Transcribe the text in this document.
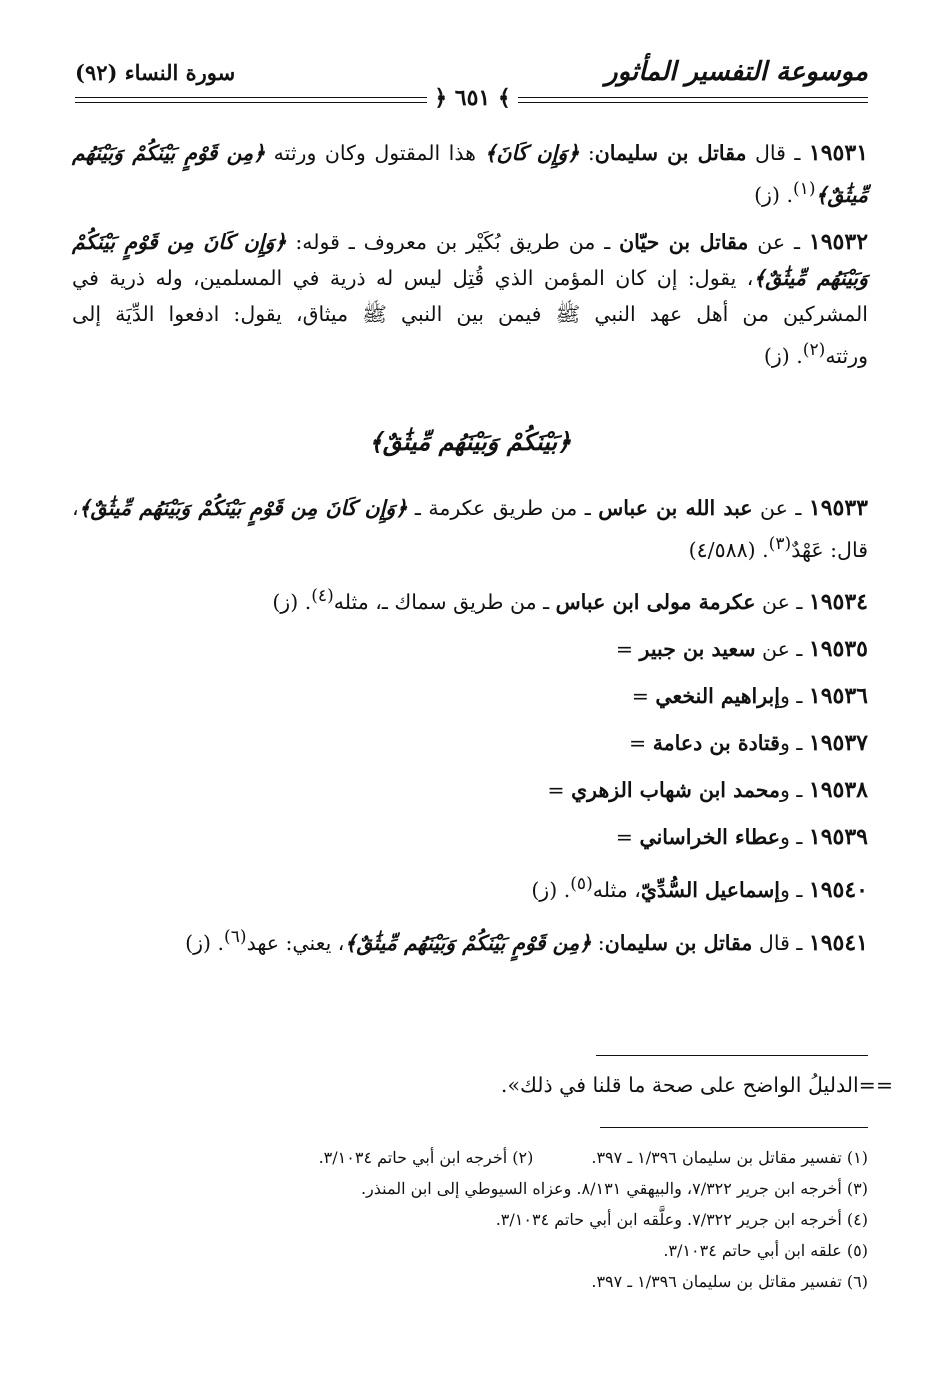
موسوعة التفسير المأثور
سورة النساء (٩٢)
﴾ ٦٥١ ﴿

١٩٥٣١ ـ قال مقاتل بن سليمان: ﴿وَإِن كَانَ﴾ هذا المقتول وكان ورثته ﴿مِن قَوْمٍ بَيْنَكُمْ وَبَيْنَهُم مِّيثَٰقٌ﴾$^{(١)}$. (ز)

١٩٥٣٢ ـ عن مقاتل بن حيّان ـ من طريق بُكَيْر بن معروف ـ قوله: ﴿وَإِن كَانَ مِن قَوْمٍ بَيْنَكُمْ وَبَيْنَهُم مِّيثَٰقٌ﴾، يقول: إن كان المؤمن الذي قُتِل ليس له ذرية في المسلمين، وله ذرية في المشركين من أهل عهد النبي ﷺ فيمن بين النبي ﷺ ميثاق، يقول: ادفعوا الدِّيَة إلى ورثته$^{(٢)}$. (ز)

﴿بَيْنَكُمْ وَبَيْنَهُم مِّيثَٰقٌ﴾

١٩٥٣٣ ـ عن عبد الله بن عباس ـ من طريق عكرمة ـ ﴿وَإِن كَانَ مِن قَوْمٍ بَيْنَكُمْ وَبَيْنَهُم مِّيثَٰقٌ﴾، قال: عَهْدٌ$^{(٣)}$. (٤/٥٨٨)

١٩٥٣٤ ـ عن عكرمة مولى ابن عباس ـ من طريق سماك ـ، مثله$^{(٤)}$. (ز)

١٩٥٣٥ ـ عن سعيد بن جبير =

١٩٥٣٦ ـ وإبراهيم النخعي =

١٩٥٣٧ ـ وقتادة بن دعامة =

١٩٥٣٨ ـ ومحمد ابن شهاب الزهري =

١٩٥٣٩ ـ وعطاء الخراساني =

١٩٥٤٠ ـ وإسماعيل السُّدِّيّ، مثله$^{(٥)}$. (ز)

١٩٥٤١ ـ قال مقاتل بن سليمان: ﴿مِن قَوْمٍ بَيْنَكُمْ وَبَيْنَهُم مِّيثَٰقٌ﴾، يعني: عهد$^{(٦)}$. (ز)

==الدليلُ الواضح على صحة ما قلنا في ذلك».
(١) تفسير مقاتل بن سليمان ١/٣٩٦ ـ ٣٩٧.(٢) أخرجه ابن أبي حاتم ٣/١٠٣٤.
(٣) أخرجه ابن جرير ٧/٣٢٢، والبيهقي ٨/١٣١. وعزاه السيوطي إلى ابن المنذر.
(٤) أخرجه ابن جرير ٧/٣٢٢. وعلَّقه ابن أبي حاتم ٣/١٠٣٤.
(٥) علقه ابن أبي حاتم ٣/١٠٣٤.
(٦) تفسير مقاتل بن سليمان ١/٣٩٦ ـ ٣٩٧.
